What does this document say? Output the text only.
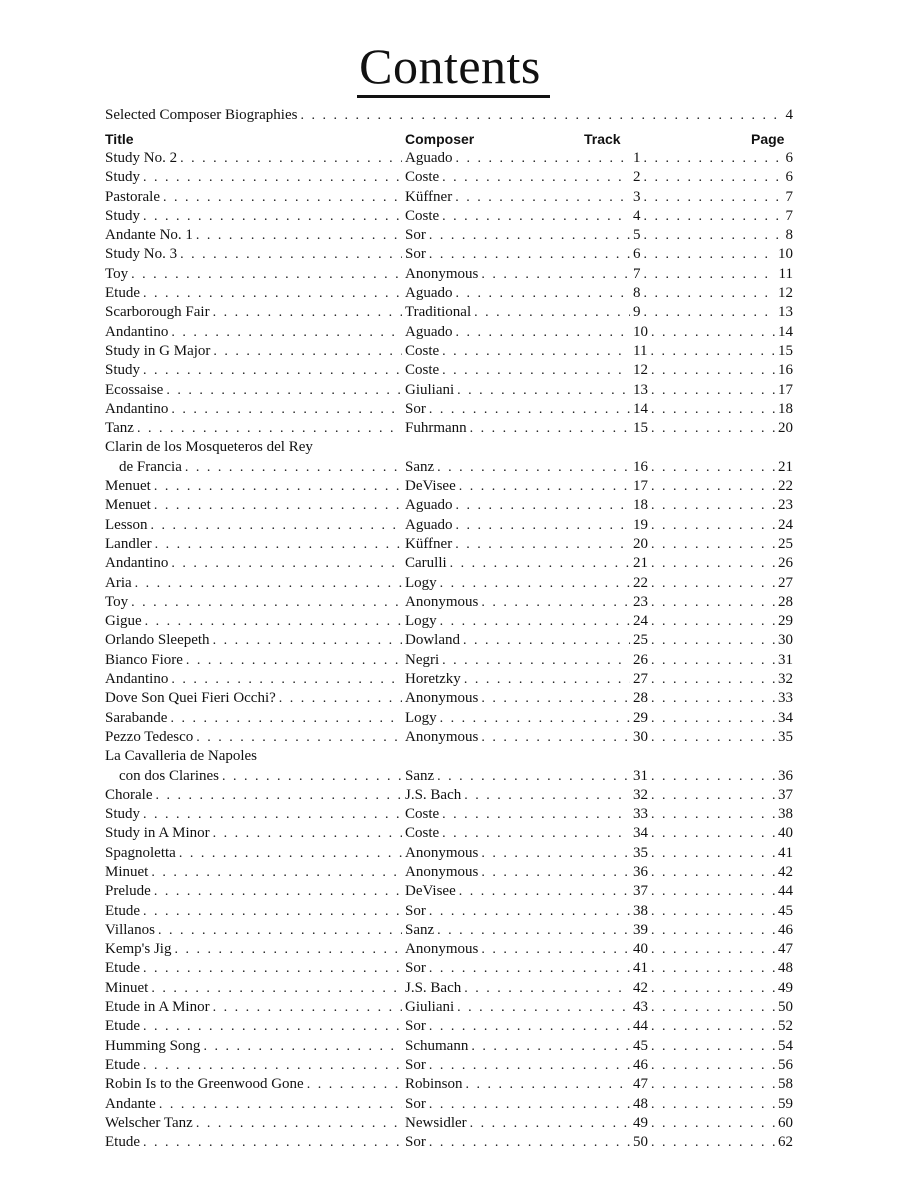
Contents
Selected Composer Biographies . . .	4
Title	Composer	Track	Page
Study No. 2 . . .	Aguado . . .	1 . . .	6
Study . . .	Coste . . .	2 . . .	6
Pastorale . . .	Küffner . . .	3 . . .	7
Study . . .	Coste . . .	4 . . .	7
Andante No. 1 . . .	Sor . . .	5 . . .	8
Study No. 3 . . .	Sor . . .	6 . . .	10
Toy . . .	Anonymous . . .	7 . . .	11
Etude . . .	Aguado . . .	8 . . .	12
Scarborough Fair . . .	Traditional . . .	9 . . .	13
Andantino . . .	Aguado . . .	10 . . .	14
Study in G Major . . .	Coste . . .	11 . . .	15
Study . . .	Coste . . .	12 . . .	16
Ecossaise . . .	Giuliani . . .	13 . . .	17
Andantino . . .	Sor . . .	14 . . .	18
Tanz . . .	Fuhrmann . . .	15 . . .	20
Clarin de los Mosqueteros del Rey
de Francia . . .	Sanz . . .	16 . . .	21
Menuet . . .	DeVisee . . .	17 . . .	22
Menuet . . .	Aguado . . .	18 . . .	23
Lesson . . .	Aguado . . .	19 . . .	24
Landler . . .	Küffner . . .	20 . . .	25
Andantino . . .	Carulli . . .	21 . . .	26
Aria . . .	Logy . . .	22 . . .	27
Toy . . .	Anonymous . . .	23 . . .	28
Gigue . . .	Logy . . .	24 . . .	29
Orlando Sleepeth . . .	Dowland . . .	25 . . .	30
Bianco Fiore . . .	Negri . . .	26 . . .	31
Andantino . . .	Horetzky . . .	27 . . .	32
Dove Son Quei Fieri Occhi? . . .	Anonymous . . .	28 . . .	33
Sarabande . . .	Logy . . .	29 . . .	34
Pezzo Tedesco . . .	Anonymous . . .	30 . . .	35
La Cavalleria de Napoles
con dos Clarines . . .	Sanz . . .	31 . . .	36
Chorale . . .	J.S. Bach . . .	32 . . .	37
Study . . .	Coste . . .	33 . . .	38
Study in A Minor . . .	Coste . . .	34 . . .	40
Spagnoletta . . .	Anonymous . . .	35 . . .	41
Minuet . . .	Anonymous . . .	36 . . .	42
Prelude . . .	DeVisee . . .	37 . . .	44
Etude . . .	Sor . . .	38 . . .	45
Villanos . . .	Sanz . . .	39 . . .	46
Kemp's Jig . . .	Anonymous . . .	40 . . .	47
Etude . . .	Sor . . .	41 . . .	48
Minuet . . .	J.S. Bach . . .	42 . . .	49
Etude in A Minor . . .	Giuliani . . .	43 . . .	50
Etude . . .	Sor . . .	44 . . .	52
Humming Song . . .	Schumann . . .	45 . . .	54
Etude . . .	Sor . . .	46 . . .	56
Robin Is to the Greenwood Gone . . .	Robinson . . .	47 . . .	58
Andante . . .	Sor . . .	48 . . .	59
Welscher Tanz . . .	Newsidler . . .	49 . . .	60
Etude . . .	Sor . . .	50 . . .	62
